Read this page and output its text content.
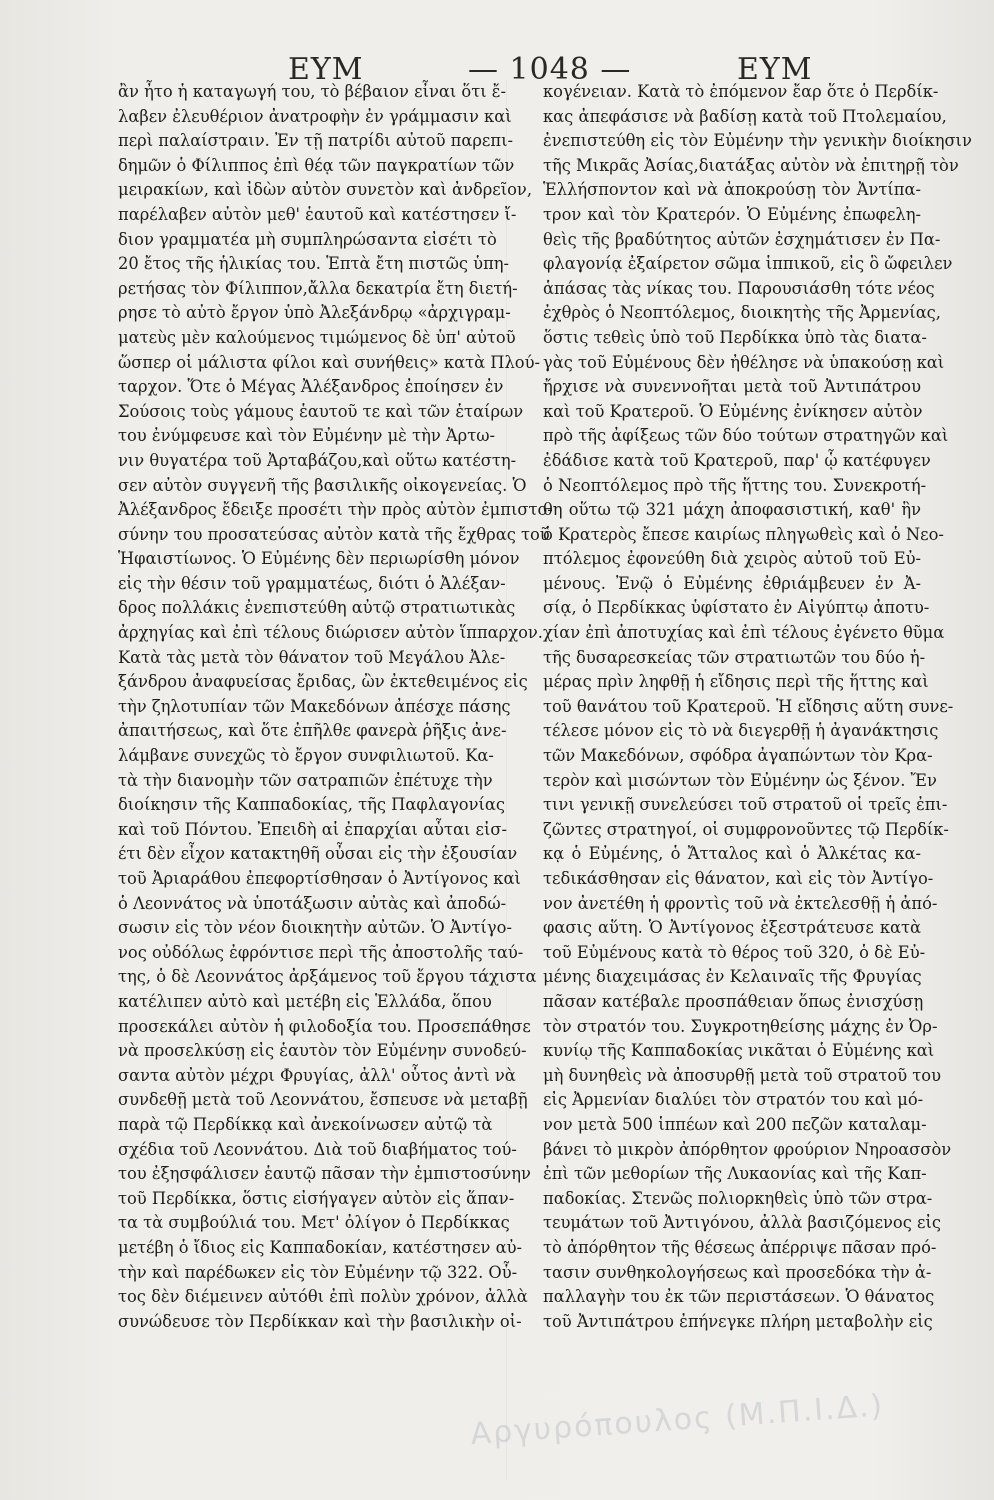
ΕΥΜ	— 1048 —	ΕΥΜ

ἂν ἦτο ἡ καταγωγή του, τὸ βέβαιον εἶναι ὅτι ἔ-

λαβεν ἐλευθέριον ἀνατροφὴν ἐν γράμμασιν καὶ

περὶ παλαίστραιν. Ἐν τῇ πατρίδι αὐτοῦ παρεπι-

δημῶν ὁ Φίλιππος ἐπὶ θέᾳ τῶν παγκρατίων τῶν

μειρακίων, καὶ ἰδὼν αὐτὸν συνετὸν καὶ ἀνδρεῖον,

παρέλαβεν αὐτὸν μεθ' ἑαυτοῦ καὶ κατέστησεν ἴ-

διον γραμματέα μὴ συμπληρώσαντα εἰσέτι τὸ

20 ἔτος τῆς ἡλικίας του. Ἑπτὰ ἔτη πιστῶς ὑπη-

ρετήσας τὸν Φίλιππον,ἄλλα δεκατρία ἔτη διετή-

ρησε τὸ αὐτὸ ἔργον ὑπὸ Ἀλεξάνδρῳ «ἀρχιγραμ-

ματεὺς μὲν καλούμενος τιμώμενος δὲ ὑπ' αὐτοῦ

ὥσπερ οἱ μάλιστα φίλοι καὶ συνήθεις» κατὰ Πλού-

ταρχον. Ὅτε ὁ Μέγας Ἀλέξανδρος ἐποίησεν ἐν

Σούσοις τοὺς γάμους ἑαυτοῦ τε καὶ τῶν ἑταίρων

του ἐνύμφευσε καὶ τὸν Εὐμένην μὲ τὴν Ἀρτω-

νιν θυγατέρα τοῦ Ἀρταβάζου,καὶ οὕτω κατέστη-

σεν αὐτὸν συγγενῆ τῆς βασιλικῆς οἰκογενείας. Ὁ

Ἀλέξανδρος ἔδειξε προσέτι τὴν πρὸς αὐτὸν ἐμπιστο-

σύνην του προσατεύσας αὐτὸν κατὰ τῆς ἔχθρας τοῦ

Ἡφαιστίωνος. Ὁ Εὐμένης δὲν περιωρίσθη μόνον

εἰς τὴν θέσιν τοῦ γραμματέως, διότι ὁ Ἀλέξαν-

δρος πολλάκις ἐνεπιστεύθη αὐτῷ στρατιωτικὰς

ἀρχηγίας καὶ ἐπὶ τέλους διώρισεν αὐτὸν ἵππαρχον.

Κατὰ τὰς μετὰ τὸν θάνατον τοῦ Μεγάλου Ἀλε-

ξάνδρου ἀναφυείσας ἔριδας, ὢν ἐκτεθειμένος εἰς

τὴν ζηλοτυπίαν τῶν Μακεδόνων ἀπέσχε πάσης

ἀπαιτήσεως, καὶ ὅτε ἐπῆλθε φανερὰ ῥῆξις ἀνε-

λάμβανε συνεχῶς τὸ ἔργον συνφιλιωτοῦ. Κα-

τὰ τὴν διανομὴν τῶν σατραπιῶν ἐπέτυχε τὴν

διοίκησιν τῆς Καππαδοκίας, τῆς Παφλαγονίας

καὶ τοῦ Πόντου. Ἐπειδὴ αἱ ἐπαρχίαι αὗται εἰσ-

έτι δὲν εἶχον κατακτηθῆ οὖσαι εἰς τὴν ἐξουσίαν

τοῦ Ἀριαράθου ἐπεφορτίσθησαν ὁ Ἀντίγονος καὶ

ὁ Λεοννάτος νὰ ὑποτάξωσιν αὐτὰς καὶ ἀποδώ-

σωσιν εἰς τὸν νέον διοικητὴν αὐτῶν. Ὁ Ἀντίγο-

νος οὐδόλως ἐφρόντισε περὶ τῆς ἀποστολῆς ταύ-

της, ὁ δὲ Λεοννάτος ἀρξάμενος τοῦ ἔργου τάχιστα

κατέλιπεν αὐτὸ καὶ μετέβη εἰς Ἑλλάδα, ὅπου

προσεκάλει αὐτὸν ἡ φιλοδοξία του. Προσεπάθησε

νὰ προσελκύσῃ εἰς ἑαυτὸν τὸν Εὐμένην συνοδεύ-

σαντα αὐτὸν μέχρι Φρυγίας, ἀλλ' οὗτος ἀντὶ νὰ

συνδεθῇ μετὰ τοῦ Λεοννάτου, ἔσπευσε νὰ μεταβῇ

παρὰ τῷ Περδίκκᾳ καὶ ἀνεκοίνωσεν αὐτῷ τὰ

σχέδια τοῦ Λεοννάτου. Διὰ τοῦ διαβήματος τού-

του ἐξησφάλισεν ἑαυτῷ πᾶσαν τὴν ἐμπιστοσύνην

τοῦ Περδίκκα, ὅστις εἰσήγαγεν αὐτὸν εἰς ἅπαν-

τα τὰ συμβούλιά του. Μετ' ὀλίγον ὁ Περδίκκας

μετέβη ὁ ἴδιος εἰς Καππαδοκίαν, κατέστησεν αὐ-

τὴν καὶ παρέδωκεν εἰς τὸν Εὐμένην τῷ 322. Οὗ-

τος δὲν διέμεινεν αὐτόθι ἐπὶ πολὺν χρόνον, ἀλλὰ

συνώδευσε τὸν Περδίκκαν καὶ τὴν βασιλικὴν οἰ-

κογένειαν. Κατὰ τὸ ἐπόμενον ἔαρ ὅτε ὁ Περδίκ-

κας ἀπεφάσισε νὰ βαδίσῃ κατὰ τοῦ Πτολεμαίου,

ἐνεπιστεύθη εἰς τὸν Εὐμένην τὴν γενικὴν διοίκησιν

τῆς Μικρᾶς Ἀσίας,διατάξας αὐτὸν νὰ ἐπιτηρῇ τὸν

Ἑλλήσποντον καὶ νὰ ἀποκρούσῃ τὸν Ἀντίπα-

τρον καὶ τὸν Κρατερόν. Ὁ Εὐμένης ἐπωφελη-

θεὶς τῆς βραδύτητος αὐτῶν ἐσχημάτισεν ἐν Πα-

φλαγονίᾳ ἐξαίρετον σῶμα ἱππικοῦ, εἰς ὃ ὤφειλεν

ἁπάσας τὰς νίκας του. Παρουσιάσθη τότε νέος

ἐχθρὸς ὁ Νεοπτόλεμος, διοικητὴς τῆς Ἀρμενίας,

ὅστις τεθεὶς ὑπὸ τοῦ Περδίκκα ὑπὸ τὰς διατα-

γὰς τοῦ Εὐμένους δὲν ἠθέλησε νὰ ὑπακούσῃ καὶ

ἤρχισε νὰ συνεννοῆται μετὰ τοῦ Ἀντιπάτρου

καὶ τοῦ Κρατεροῦ. Ὁ Εὐμένης ἐνίκησεν αὐτὸν

πρὸ τῆς ἀφίξεως τῶν δύο τούτων στρατηγῶν καὶ

ἐδάδισε κατὰ τοῦ Κρατεροῦ, παρ' ᾧ κατέφυγεν

ὁ Νεοπτόλεμος πρὸ τῆς ἥττης του. Συνεκροτή-

θη οὕτω τῷ 321 μάχη ἀποφασιστική, καθ' ἣν

ὁ Κρατερὸς ἔπεσε καιρίως πληγωθεὶς καὶ ὁ Νεο-

πτόλεμος ἐφονεύθη διὰ χειρὸς αὐτοῦ τοῦ Εὐ-

μένους. Ἐνῷ ὁ Εὐμένης ἐθριάμβευεν ἐν Ἀ-

σίᾳ, ὁ Περδίκκας ὑφίστατο ἐν Αἰγύπτῳ ἀποτυ-

χίαν ἐπὶ ἀποτυχίας καὶ ἐπὶ τέλους ἐγένετο θῦμα

τῆς δυσαρεσκείας τῶν στρατιωτῶν του δύο ἡ-

μέρας πρὶν ληφθῇ ἡ εἴδησις περὶ τῆς ἥττης καὶ

τοῦ θανάτου τοῦ Κρατεροῦ. Ἡ εἴδησις αὕτη συνε-

τέλεσε μόνον εἰς τὸ νὰ διεγερθῇ ἡ ἀγανάκτησις

τῶν Μακεδόνων, σφόδρα ἀγαπώντων τὸν Κρα-

τερὸν καὶ μισώντων τὸν Εὐμένην ὡς ξένον. Ἔν

τινι γενικῇ συνελεύσει τοῦ στρατοῦ οἱ τρεῖς ἐπι-

ζῶντες στρατηγοί, οἱ συμφρονοῦντες τῷ Περδίκ-

κᾳ ὁ Εὐμένης, ὁ Ἄτταλος καὶ ὁ Ἀλκέτας κα-

τεδικάσθησαν εἰς θάνατον, καὶ εἰς τὸν Ἀντίγο-

νον ἀνετέθη ἡ φροντὶς τοῦ νὰ ἐκτελεσθῇ ἡ ἀπό-

φασις αὕτη. Ὁ Ἀντίγονος ἐξεστράτευσε κατὰ

τοῦ Εὐμένους κατὰ τὸ θέρος τοῦ 320, ὁ δὲ Εὐ-

μένης διαχειμάσας ἐν Κελαιναῖς τῆς Φρυγίας

πᾶσαν κατέβαλε προσπάθειαν ὅπως ἐνισχύσῃ

τὸν στρατόν του. Συγκροτηθείσης μάχης ἐν Ὀρ-

κυνίῳ τῆς Καππαδοκίας νικᾶται ὁ Εὐμένης καὶ

μὴ δυνηθεὶς νὰ ἀποσυρθῇ μετὰ τοῦ στρατοῦ του

εἰς Ἀρμενίαν διαλύει τὸν στρατόν του καὶ μό-

νον μετὰ 500 ἱππέων καὶ 200 πεζῶν καταλαμ-

βάνει τὸ μικρὸν ἀπόρθητον φρούριον Νηροασσὸν

ἐπὶ τῶν μεθορίων τῆς Λυκαονίας καὶ τῆς Καπ-

παδοκίας. Στενῶς πολιορκηθεὶς ὑπὸ τῶν στρα-

τευμάτων τοῦ Ἀντιγόνου, ἀλλὰ βασιζόμενος εἰς

τὸ ἀπόρθητον τῆς θέσεως ἀπέρριψε πᾶσαν πρό-

τασιν συνθηκολογήσεως καὶ προσεδόκα τὴν ἀ-

παλλαγὴν του ἐκ τῶν περιστάσεων. Ὁ θάνατος

τοῦ Ἀντιπάτρου ἐπήνεγκε πλήρη μεταβολὴν εἰς

Αργυρόπουλος (Μ.Π.Ι.Δ.)
